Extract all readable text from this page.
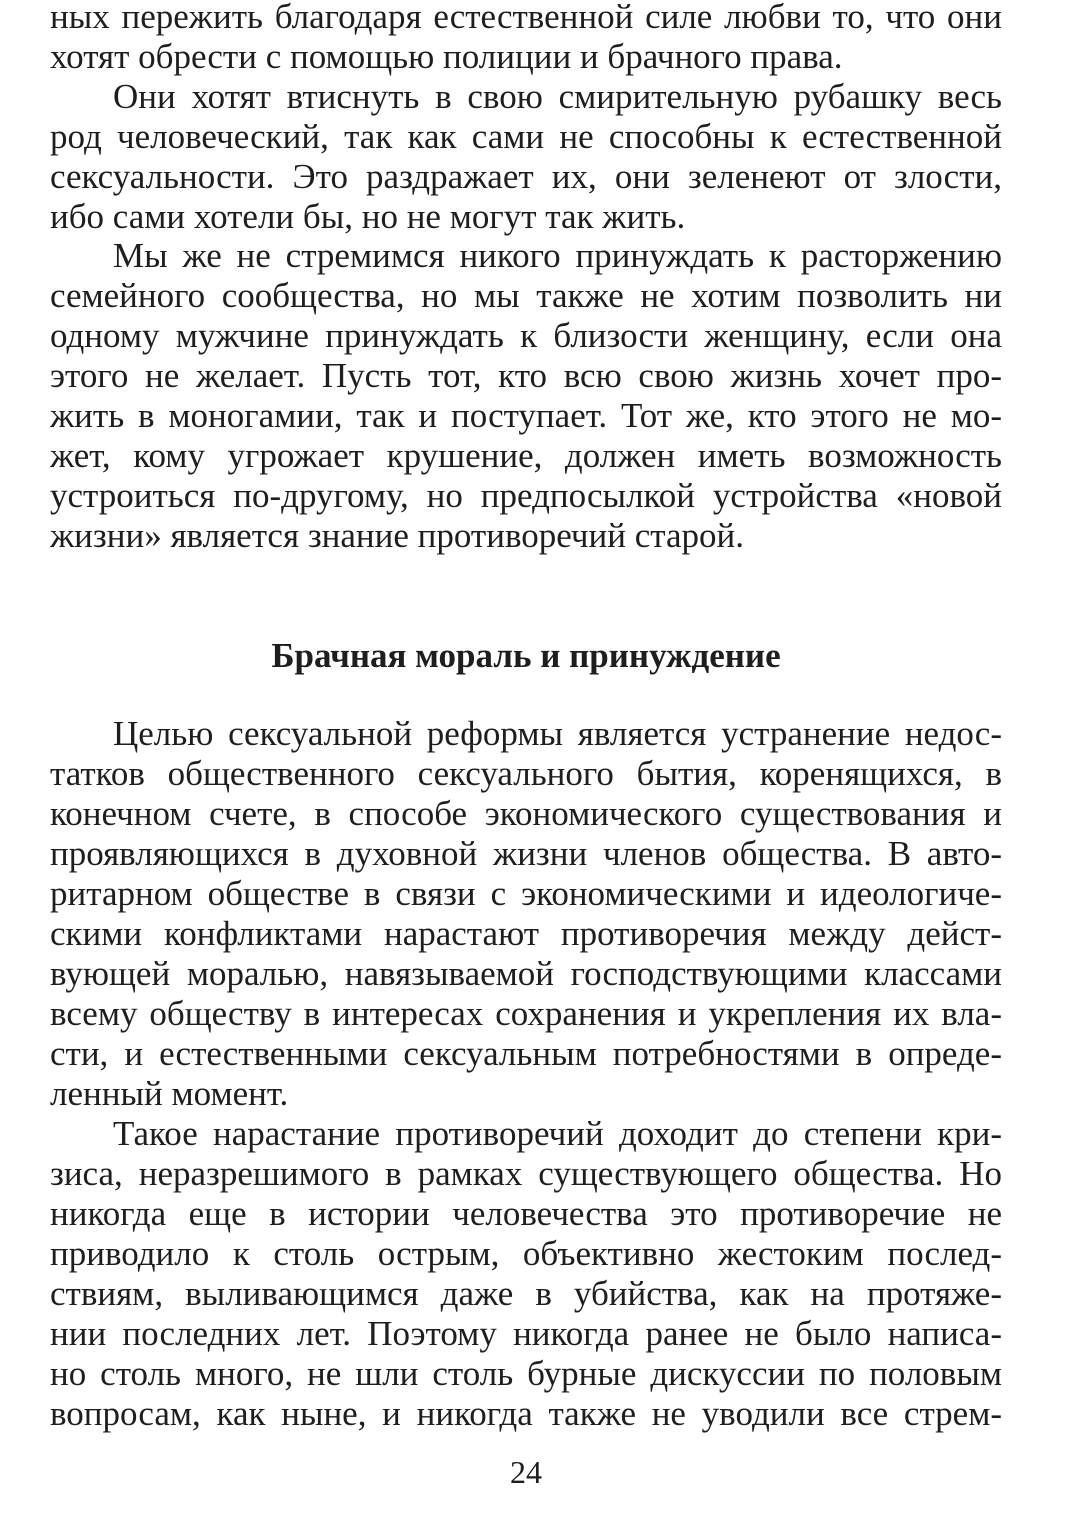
ных пережить благодаря естественной силе любви то, что они
хотят обрести с помощью полиции и брачного права.
Они хотят втиснуть в свою смирительную рубашку весь
род человеческий, так как сами не способны к естественной
сексуальности. Это раздражает их, они зеленеют от злости,
ибо сами хотели бы, но не могут так жить.
Мы же не стремимся никого принуждать к расторжению
семейного сообщества, но мы также не хотим позволить ни
одному мужчине принуждать к близости женщину, если она
этого не желает. Пусть тот, кто всю свою жизнь хочет про-
жить в моногамии, так и поступает. Тот же, кто этого не мо-
жет, кому угрожает крушение, должен иметь возможность
устроиться по-другому, но предпосылкой устройства «новой
жизни» является знание противоречий старой.
Брачная мораль и принуждение
Целью сексуальной реформы является устранение недос-
татков общественного сексуального бытия, коренящихся, в
конечном счете, в способе экономического существования и
проявляющихся в духовной жизни членов общества. В авто-
ритарном обществе в связи с экономическими и идеологиче-
скими конфликтами нарастают противоречия между дейст-
вующей моралью, навязываемой господствующими классами
всему обществу в интересах сохранения и укрепления их вла-
сти, и естественными сексуальным потребностями в опреде-
ленный момент.
Такое нарастание противоречий доходит до степени кри-
зиса, неразрешимого в рамках существующего общества. Но
никогда еще в истории человечества это противоречие не
приводило к столь острым, объективно жестоким послед-
ствиям, выливающимся даже в убийства, как на протяже-
нии последних лет. Поэтому никогда ранее не было написа-
но столь много, не шли столь бурные дискуссии по половым
вопросам, как ныне, и никогда также не уводили все стрем-
24
